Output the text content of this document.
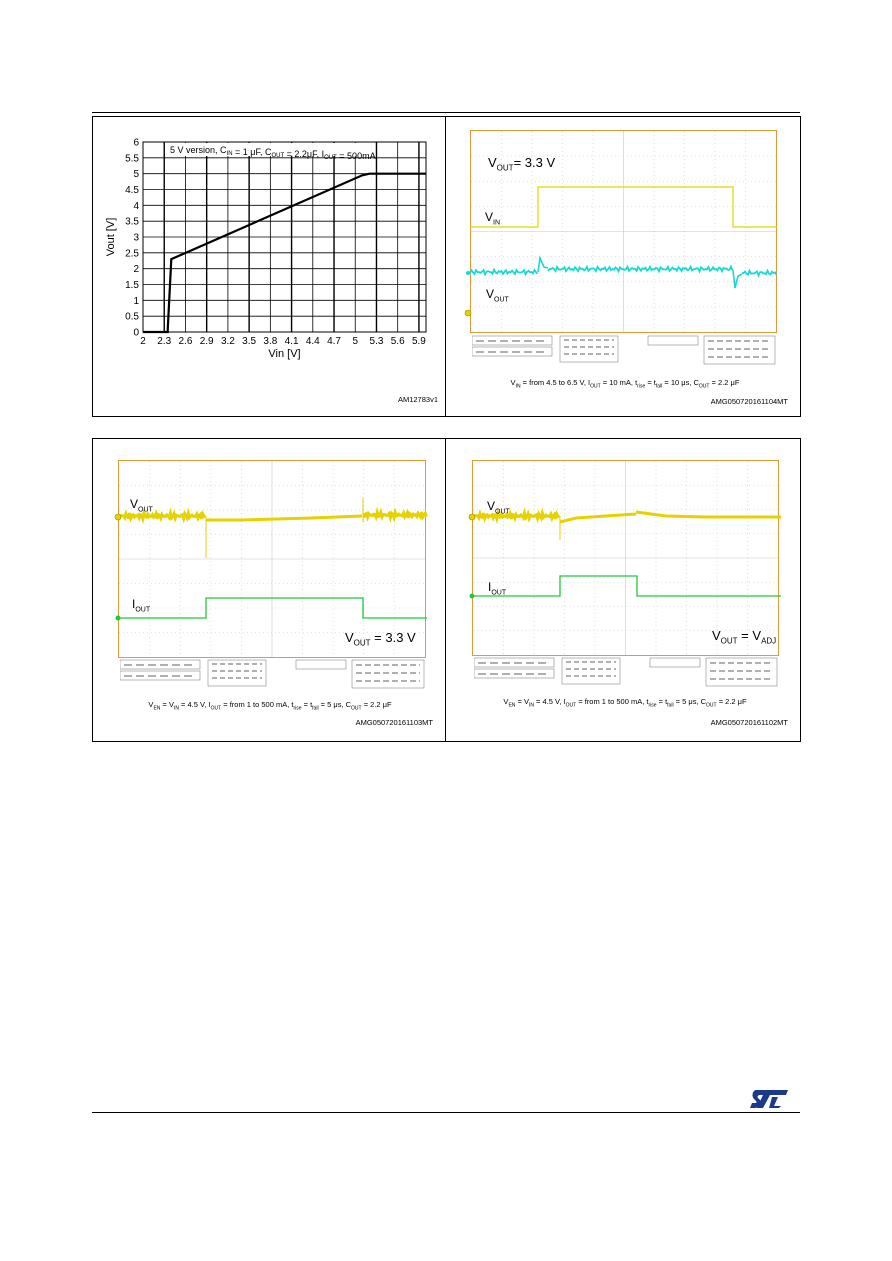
2 2.3 2.6 2.9 3.2 3.5 3.8 4.1 4.4 4.7 5 5.3 5.6 5.9
0
0.5
1
1.5
2
2.5
3
3.5
4
4.5
5
5.5
6
5 V version, $C_{IN} = 1$ μF, $C_{OUT} = 2.2\mu F$, $I_{OUT} = 500mA$
Vin [V]
Vout [V]
AM12783v1
$V_{OUT}= 3.3$ V
$V_{IN}$
$V_{OUT}$
$V_{IN}$ = from 4.5 to 6.5 V, $I_{OUT} = 10$ mA, $t_{rise} = t_{fall} = 10$ μs, $C_{OUT} = 2.2$ μF
AMG050720161104MT
$V_{OUT}$
$I_{OUT}$
$V_{OUT} = 3.3$ V
$V_{EN} = V_{IN} = 4.5$ V, $I_{OUT}$ = from 1 to 500 mA, $t_{rise} = t_{fall} = 5$ μs, $C_{OUT} = 2.2$ μF
AMG050720161103MT
$V_{OUT}$
$I_{OUT}$
$V_{OUT} = V_{ADJ}$
$V_{EN} = V_{IN} = 4.5$ V, $I_{OUT}$ = from 1 to 500 mA, $t_{rise} = t_{fall} = 5$ μs, $C_{OUT} = 2.2$ μF
AMG050720161102MT
